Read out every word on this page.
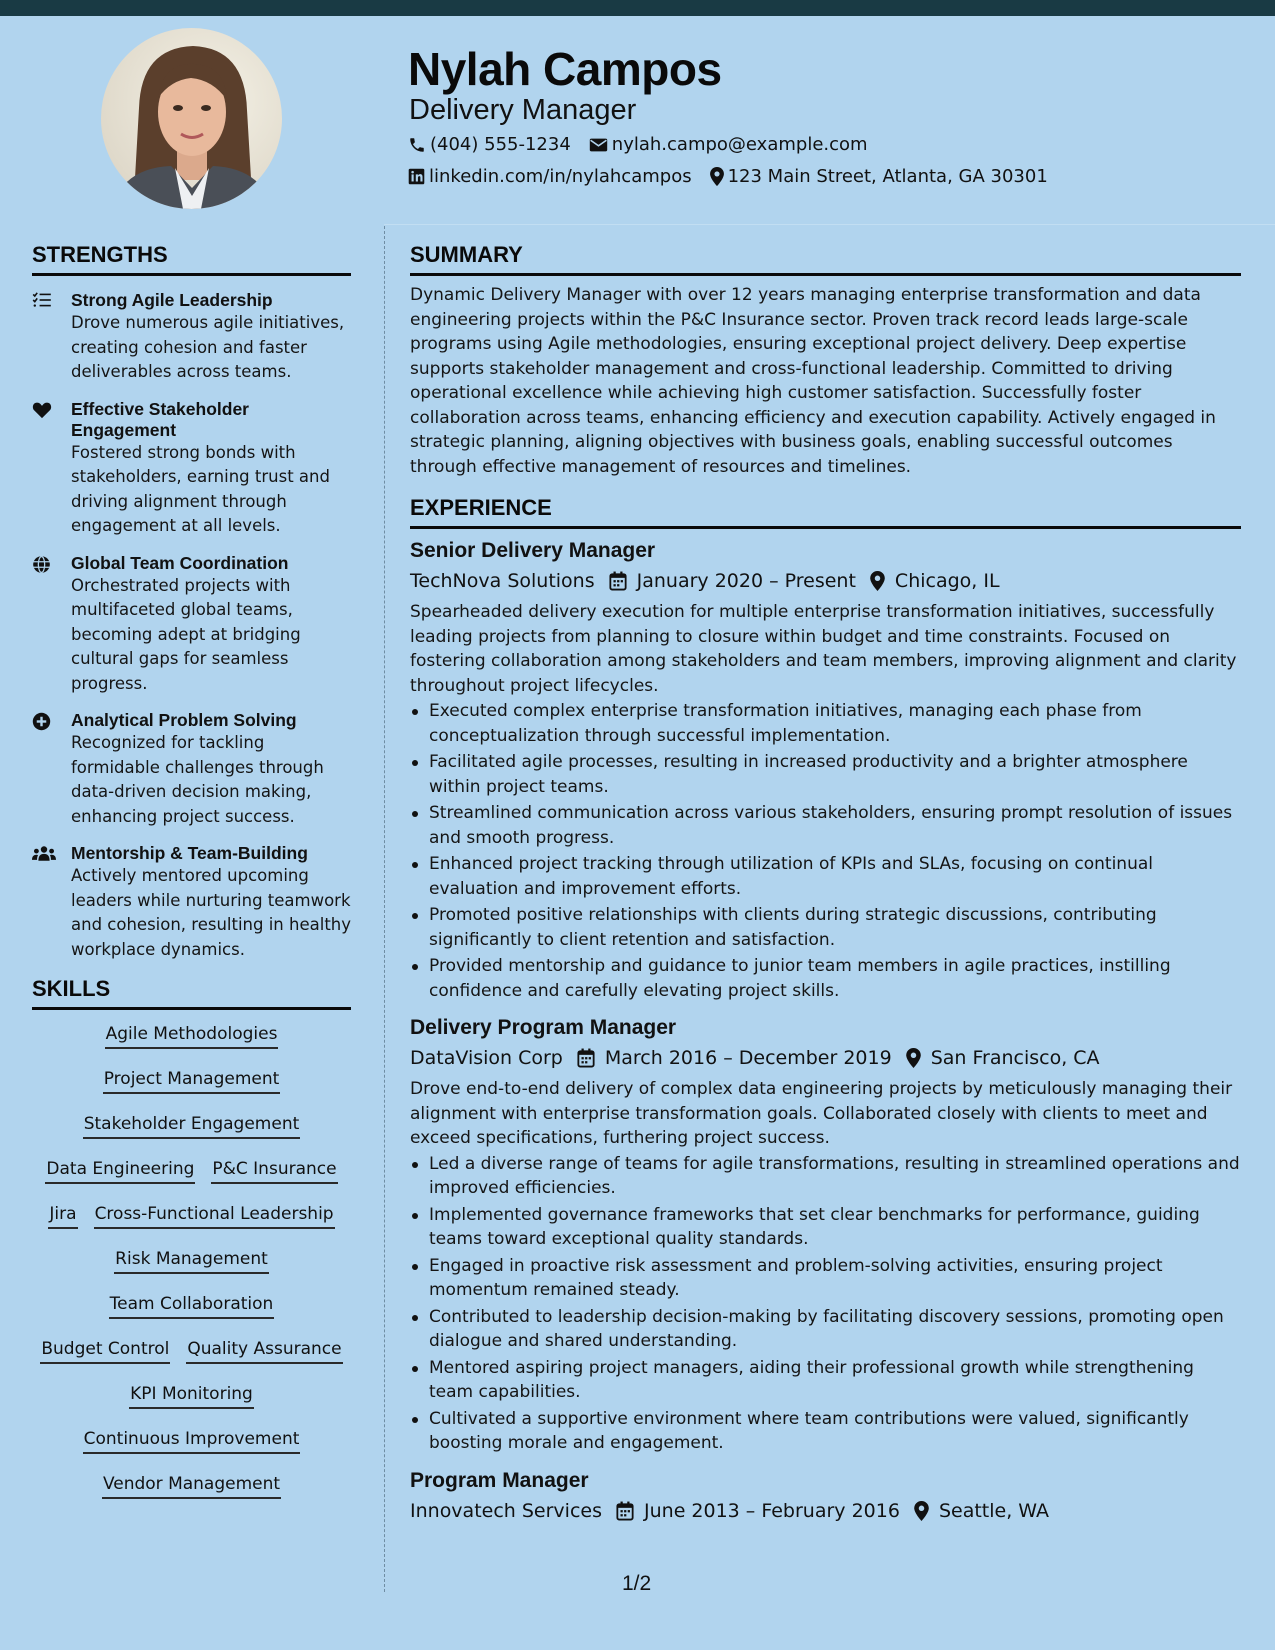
Nylah Campos
Delivery Manager
(404) 555-1234 nylah.campo@example.com
linkedin.com/in/nylahcampos 123 Main Street, Atlanta, GA 30301
STRENGTHS
Strong Agile Leadership
Drove numerous agile initiatives, creating cohesion and faster deliverables across teams.
Effective Stakeholder Engagement
Fostered strong bonds with stakeholders, earning trust and driving alignment through engagement at all levels.
Global Team Coordination
Orchestrated projects with multifaceted global teams, becoming adept at bridging cultural gaps for seamless progress.
Analytical Problem Solving
Recognized for tackling formidable challenges through data-driven decision making, enhancing project success.
Mentorship & Team-Building
Actively mentored upcoming leaders while nurturing teamwork and cohesion, resulting in healthy workplace dynamics.
SKILLS
Agile Methodologies
Project Management
Stakeholder Engagement
Data Engineering P&C Insurance
Jira Cross-Functional Leadership
Risk Management
Team Collaboration
Budget Control Quality Assurance
KPI Monitoring
Continuous Improvement
Vendor Management
SUMMARY
Dynamic Delivery Manager with over 12 years managing enterprise transformation and data engineering projects within the P&C Insurance sector. Proven track record leads large-scale programs using Agile methodologies, ensuring exceptional project delivery. Deep expertise supports stakeholder management and cross-functional leadership. Committed to driving operational excellence while achieving high customer satisfaction. Successfully foster collaboration across teams, enhancing efficiency and execution capability. Actively engaged in strategic planning, aligning objectives with business goals, enabling successful outcomes through effective management of resources and timelines.
EXPERIENCE
Senior Delivery Manager
TechNova Solutions January 2020 – Present Chicago, IL
Spearheaded delivery execution for multiple enterprise transformation initiatives, successfully leading projects from planning to closure within budget and time constraints. Focused on fostering collaboration among stakeholders and team members, improving alignment and clarity throughout project lifecycles.
Executed complex enterprise transformation initiatives, managing each phase from conceptualization through successful implementation.
Facilitated agile processes, resulting in increased productivity and a brighter atmosphere within project teams.
Streamlined communication across various stakeholders, ensuring prompt resolution of issues and smooth progress.
Enhanced project tracking through utilization of KPIs and SLAs, focusing on continual evaluation and improvement efforts.
Promoted positive relationships with clients during strategic discussions, contributing significantly to client retention and satisfaction.
Provided mentorship and guidance to junior team members in agile practices, instilling confidence and carefully elevating project skills.
Delivery Program Manager
DataVision Corp March 2016 – December 2019 San Francisco, CA
Drove end-to-end delivery of complex data engineering projects by meticulously managing their alignment with enterprise transformation goals. Collaborated closely with clients to meet and exceed specifications, furthering project success.
Led a diverse range of teams for agile transformations, resulting in streamlined operations and improved efficiencies.
Implemented governance frameworks that set clear benchmarks for performance, guiding teams toward exceptional quality standards.
Engaged in proactive risk assessment and problem-solving activities, ensuring project momentum remained steady.
Contributed to leadership decision-making by facilitating discovery sessions, promoting open dialogue and shared understanding.
Mentored aspiring project managers, aiding their professional growth while strengthening team capabilities.
Cultivated a supportive environment where team contributions were valued, significantly boosting morale and engagement.
Program Manager
Innovatech Services June 2013 – February 2016 Seattle, WA
1/2
